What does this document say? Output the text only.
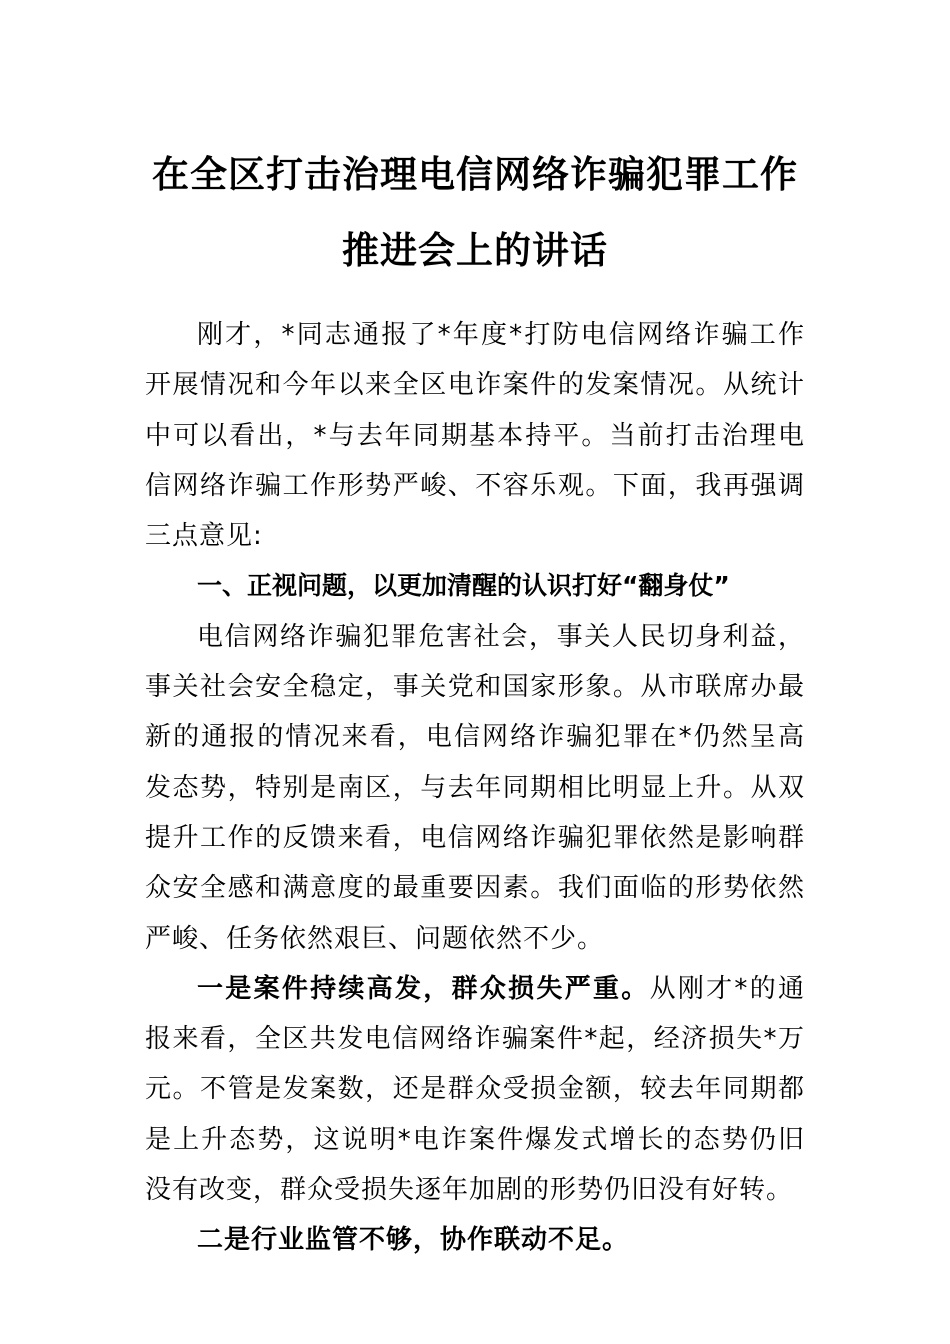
在全区打击治理电信网络诈骗犯罪工作
推进会上的讲话

刚才，*同志通报了*年度*打防电信网络诈骗工作开展情况和今年以来全区电诈案件的发案情况。从统计中可以看出，*与去年同期基本持平。当前打击治理电信网络诈骗工作形势严峻、不容乐观。下面，我再强调三点意见:

一、正视问题，以更加清醒的认识打好“翻身仗”

电信网络诈骗犯罪危害社会，事关人民切身利益，事关社会安全稳定，事关党和国家形象。从市联席办最新的通报的情况来看，电信网络诈骗犯罪在*仍然呈高发态势，特别是南区，与去年同期相比明显上升。从双提升工作的反馈来看，电信网络诈骗犯罪依然是影响群众安全感和满意度的最重要因素。我们面临的形势依然严峻、任务依然艰巨、问题依然不少。

一是案件持续高发，群众损失严重。从刚才*的通报来看，全区共发电信网络诈骗案件*起，经济损失*万元。不管是发案数，还是群众受损金额，较去年同期都是上升态势，这说明*电诈案件爆发式增长的态势仍旧没有改变，群众受损失逐年加剧的形势仍旧没有好转。

二是行业监管不够，协作联动不足。
